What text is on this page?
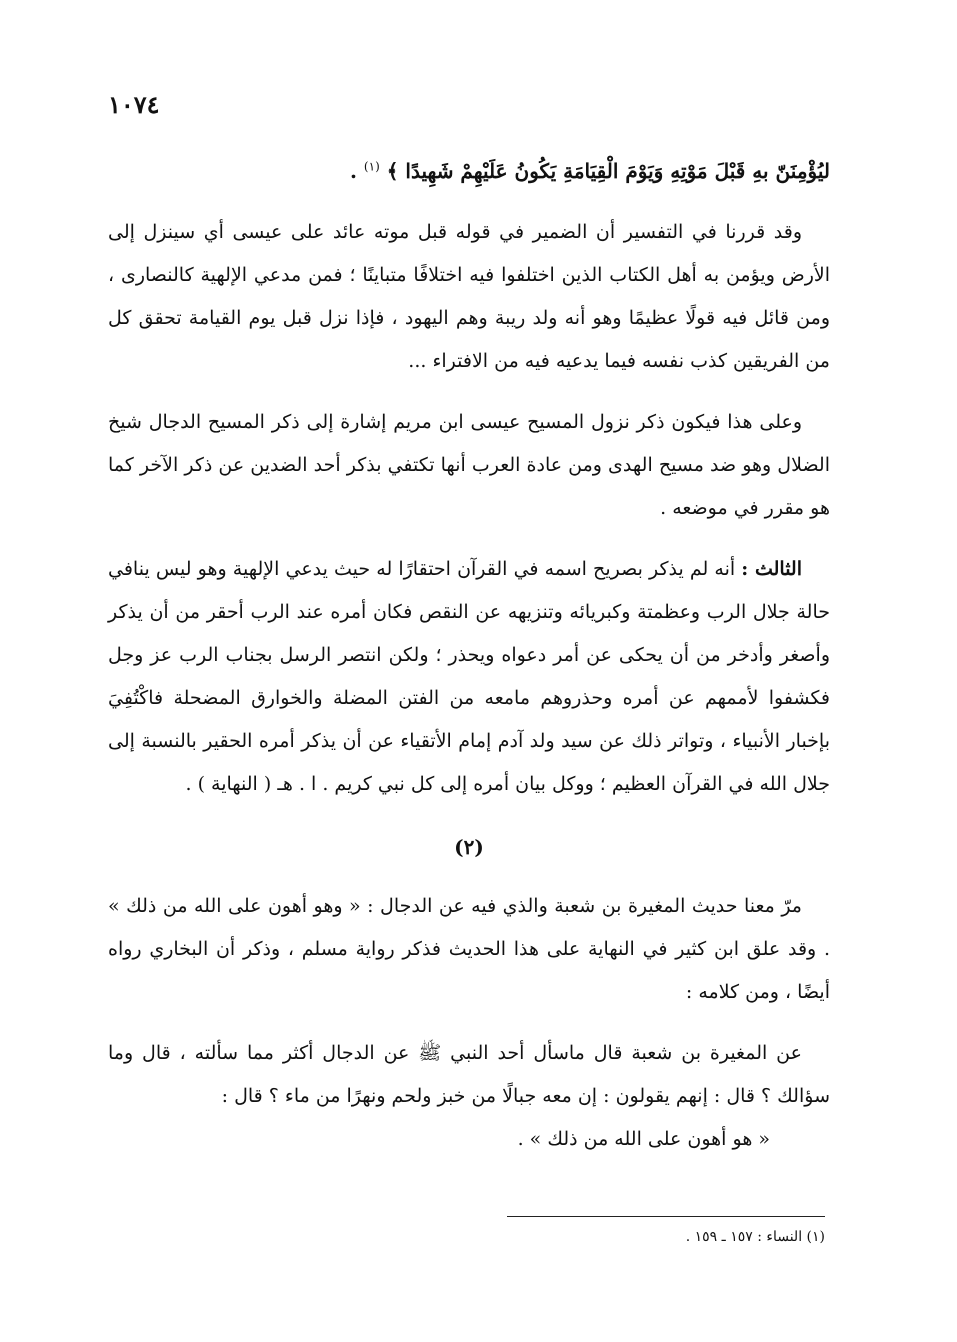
١٠٧٤
ليُؤْمِنَنّ بهِ قَبْلَ مَوْتِهِ وَيَوْمَ الْقِيَامَةِ يَكُونُ عَلَيْهِمْ شَهِيدًا ﴾ $^{(١)}$ .

وقد قررنا في التفسير أن الضمير في قوله قبل موته عائد على عيسى أي سينزل إلى الأرض ويؤمن به أهل الكتاب الذين اختلفوا فيه اختلافًا متباينًا ؛ فمن مدعي الإلهية كالنصارى ، ومن قائل فيه قولًا عظيمًا وهو أنه ولد ريبة وهم اليهود ، فإذا نزل قبل يوم القيامة تحقق كل من الفريقين كذب نفسه فيما يدعيه فيه من الافتراء ...

وعلى هذا فيكون ذكر نزول المسيح عيسى ابن مريم إشارة إلى ذكر المسيح الدجال شيخ الضلال وهو ضد مسيح الهدى ومن عادة العرب أنها تكتفي بذكر أحد الضدين عن ذكر الآخر كما هو مقرر في موضعه .

الثالث : أنه لم يذكر بصريح اسمه في القرآن احتقارًا له حيث يدعي الإلهية وهو ليس ينافي حالة جلال الرب وعظمتة وكبريائه وتنزيهه عن النقص فكان أمره عند الرب أحقر من أن يذكر وأصغر وأدخر من أن يحكى عن أمر دعواه ويحذر ؛ ولكن انتصر الرسل بجناب الرب عز وجل فكشفوا لأممهم عن أمره وحذروهم مامعه من الفتن المضلة والخوارق المضحلة فاكْتُفِيَ بإخبار الأنبياء ، وتواتر ذلك عن سيد ولد آدم إمام الأتقياء عن أن يذكر أمره الحقير بالنسبة إلى جلال الله في القرآن العظيم ؛ ووكل بيان أمره إلى كل نبي كريم . ا . هـ ( النهاية ) .

(٢)

مرّ معنا حديث المغيرة بن شعبة والذي فيه عن الدجال : « وهو أهون على الله من ذلك » . وقد علق ابن كثير في النهاية على هذا الحديث فذكر رواية مسلم ، وذكر أن البخاري رواه أيضًا ، ومن كلامه :

عن المغيرة بن شعبة قال ماسأل أحد النبي ﷺ عن الدجال أكثر مما سألته ، قال وما سؤالك ؟ قال : إنهم يقولون : إن معه جبالًا من خبز ولحم ونهرًا من ماء ؟ قال :

« هو أهون على الله من ذلك » .

(١) النساء : ١٥٧ ـ ١٥٩ .
